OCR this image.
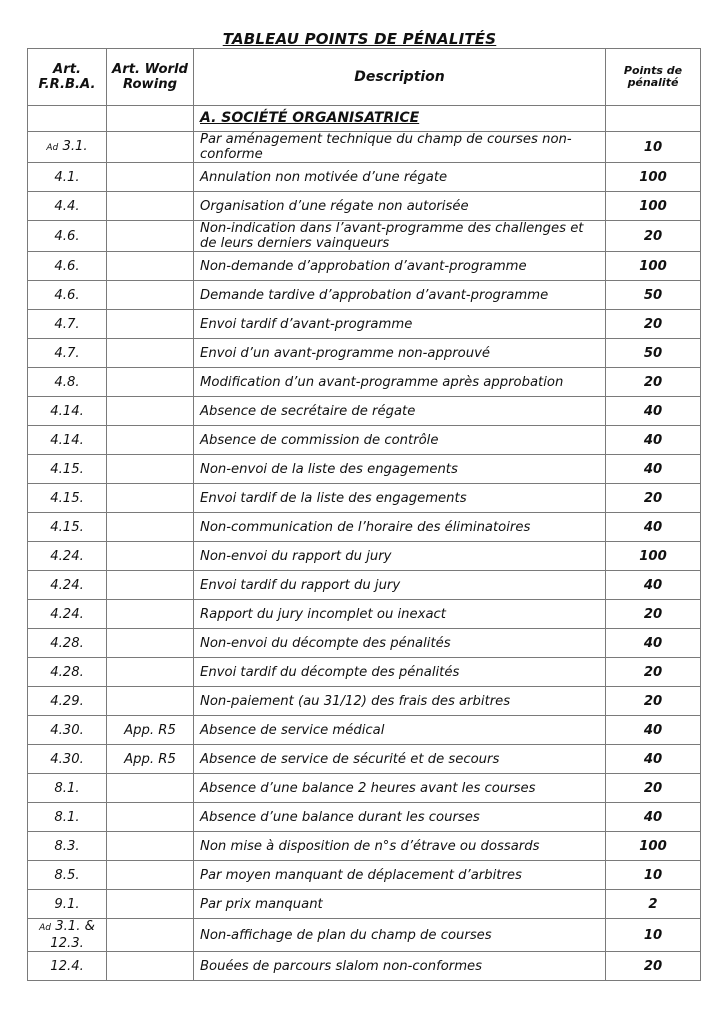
TABLEAU POINTS DE PÉNALITÉS
Art. F.R.B.A.	Art. World Rowing	Description	Points de pénalité
		A. SOCIÉTÉ ORGANISATRICE	
Ad 3.1.		Par aménagement technique du champ de courses non-conforme	10
4.1.		Annulation non motivée d’une régate	100
4.4.		Organisation d’une régate non autorisée	100
4.6.		Non-indication dans l’avant-programme des challenges et de leurs derniers vainqueurs	20
4.6.		Non-demande d’approbation d’avant-programme	100
4.6.		Demande tardive d’approbation d’avant-programme	50
4.7.		Envoi tardif d’avant-programme	20
4.7.		Envoi d’un avant-programme non-approuvé	50
4.8.		Modification d’un avant-programme après approbation	20
4.14.		Absence de secrétaire de régate	40
4.14.		Absence de commission de contrôle	40
4.15.		Non-envoi de la liste des engagements	40
4.15.		Envoi tardif de la liste des engagements	20
4.15.		Non-communication de l’horaire des éliminatoires	40
4.24.		Non-envoi du rapport du jury	100
4.24.		Envoi tardif du rapport du jury	40
4.24.		Rapport du jury incomplet ou inexact	20
4.28.		Non-envoi du décompte des pénalités	40
4.28.		Envoi tardif du décompte des pénalités	20
4.29.		Non-paiement (au 31/12) des frais des arbitres	20
4.30.	App. R5	Absence de service médical	40
4.30.	App. R5	Absence de service de sécurité et de secours	40
8.1.		Absence d’une balance 2 heures avant les courses	20
8.1.		Absence d’une balance durant les courses	40
8.3.		Non mise à disposition de n°s d’étrave ou dossards	100
8.5.		Par moyen manquant de déplacement d’arbitres	10
9.1.		Par prix manquant	2
Ad 3.1. & 12.3.		Non-affichage de plan du champ de courses	10
12.4.		Bouées de parcours slalom non-conformes	20
